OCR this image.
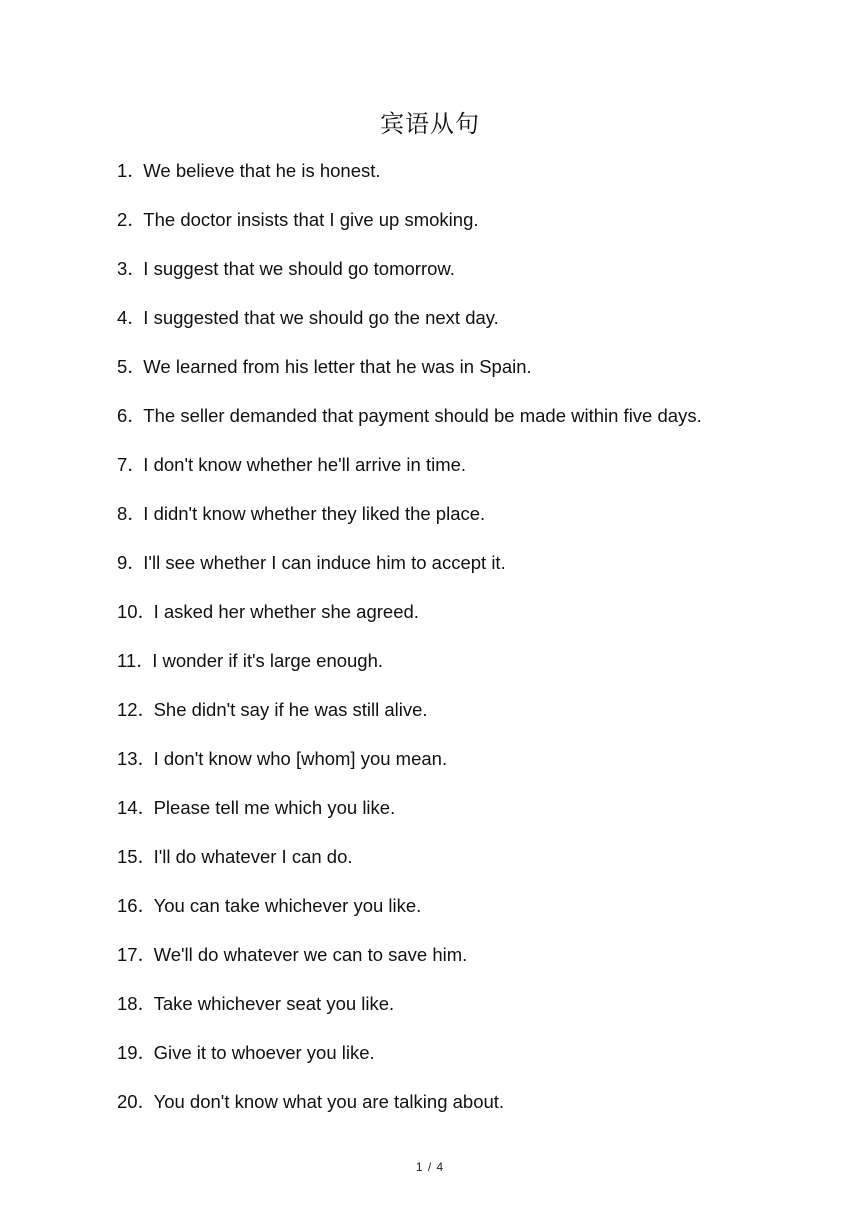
宾语从句
1．We believe that he is honest.
2．The doctor insists that I give up smoking.
3．I suggest that we should go tomorrow.
4．I suggested that we should go the next day.
5．We learned from his letter that he was in Spain.
6．The seller demanded that payment should be made within five days.
7．I don't know whether he'll arrive in time.
8．I didn't know whether they liked the place.
9．I'll see whether I can induce him to accept it.
10．I asked her whether she agreed.
11．I wonder if it's large enough.
12．She didn't say if he was still alive.
13．I don't know who [whom] you mean.
14．Please tell me which you like.
15．I'll do whatever I can do.
16．You can take whichever you like.
17．We'll do whatever we can to save him.
18．Take whichever seat you like.
19．Give it to whoever you like.
20．You don't know what you are talking about.
1 / 4
